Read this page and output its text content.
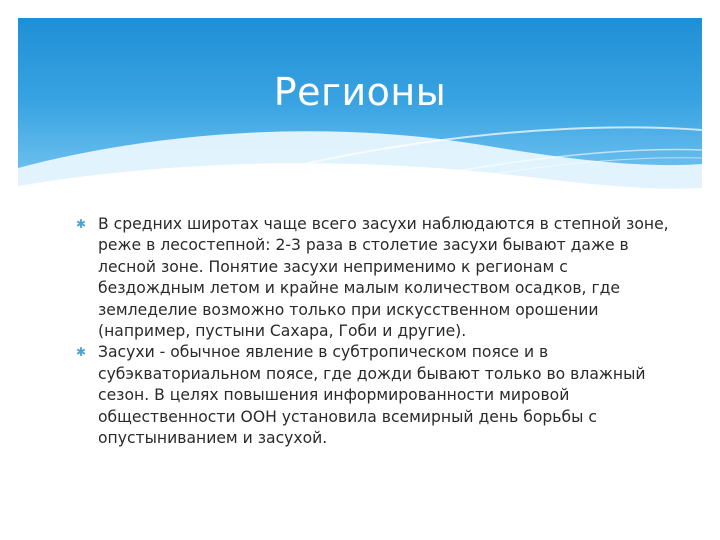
Регионы
✱ В средних широтах чаще всего засухи наблюдаются в степной зоне, реже в лесостепной: 2-3 раза в столетие засухи бывают даже в лесной зоне. Понятие засухи неприменимо к регионам с бездождным летом и крайне малым количеством осадков, где земледелие возможно только при искусственном орошении (например, пустыни Сахара, Гоби и другие).
✱ Засухи - обычное явление в субтропическом поясе и в субэкваториальном поясе, где дожди бывают только во влажный сезон. В целях повышения информированности мировой общественности ООН установила всемирный день борьбы с опустыниванием и засухой.
